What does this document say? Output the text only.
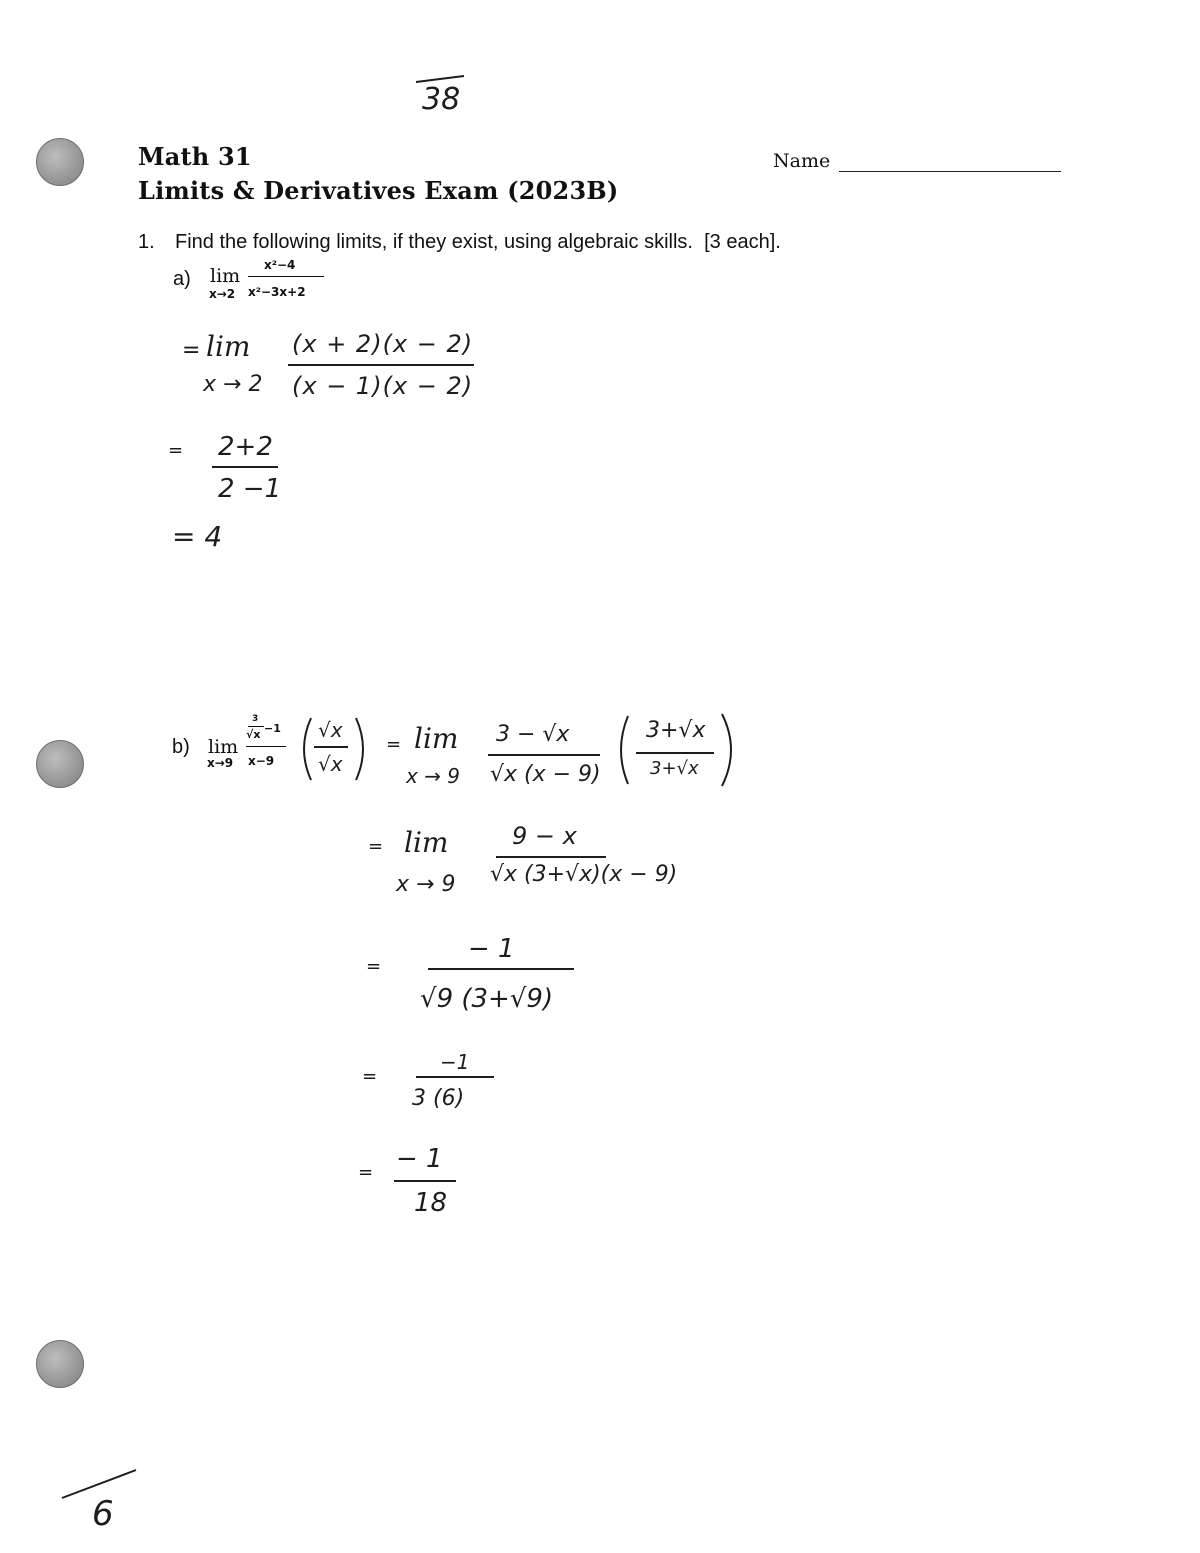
38
Math 31
Limits & Derivatives Exam (2023B)
Name
1. Find the following limits, if they exist, using algebraic skills.  [3 each].
a) lim
x→2
x²−4
x²−3x+2
= lim
x → 2
(x + 2)(x − 2)
(x − 1)(x − 2)
= 2+2
2 −1
= 4
b) lim
x→9
3
√x −1
x−9
√x
√x
= lim
x → 9
3 − √x
√x (x − 9)
3+√x
3+√x
= lim
x → 9
9 − x
√x (3+√x)(x − 9)
=
− 1
√9 (3+√9)
=
−1
3 (6)
= − 1
18
6
